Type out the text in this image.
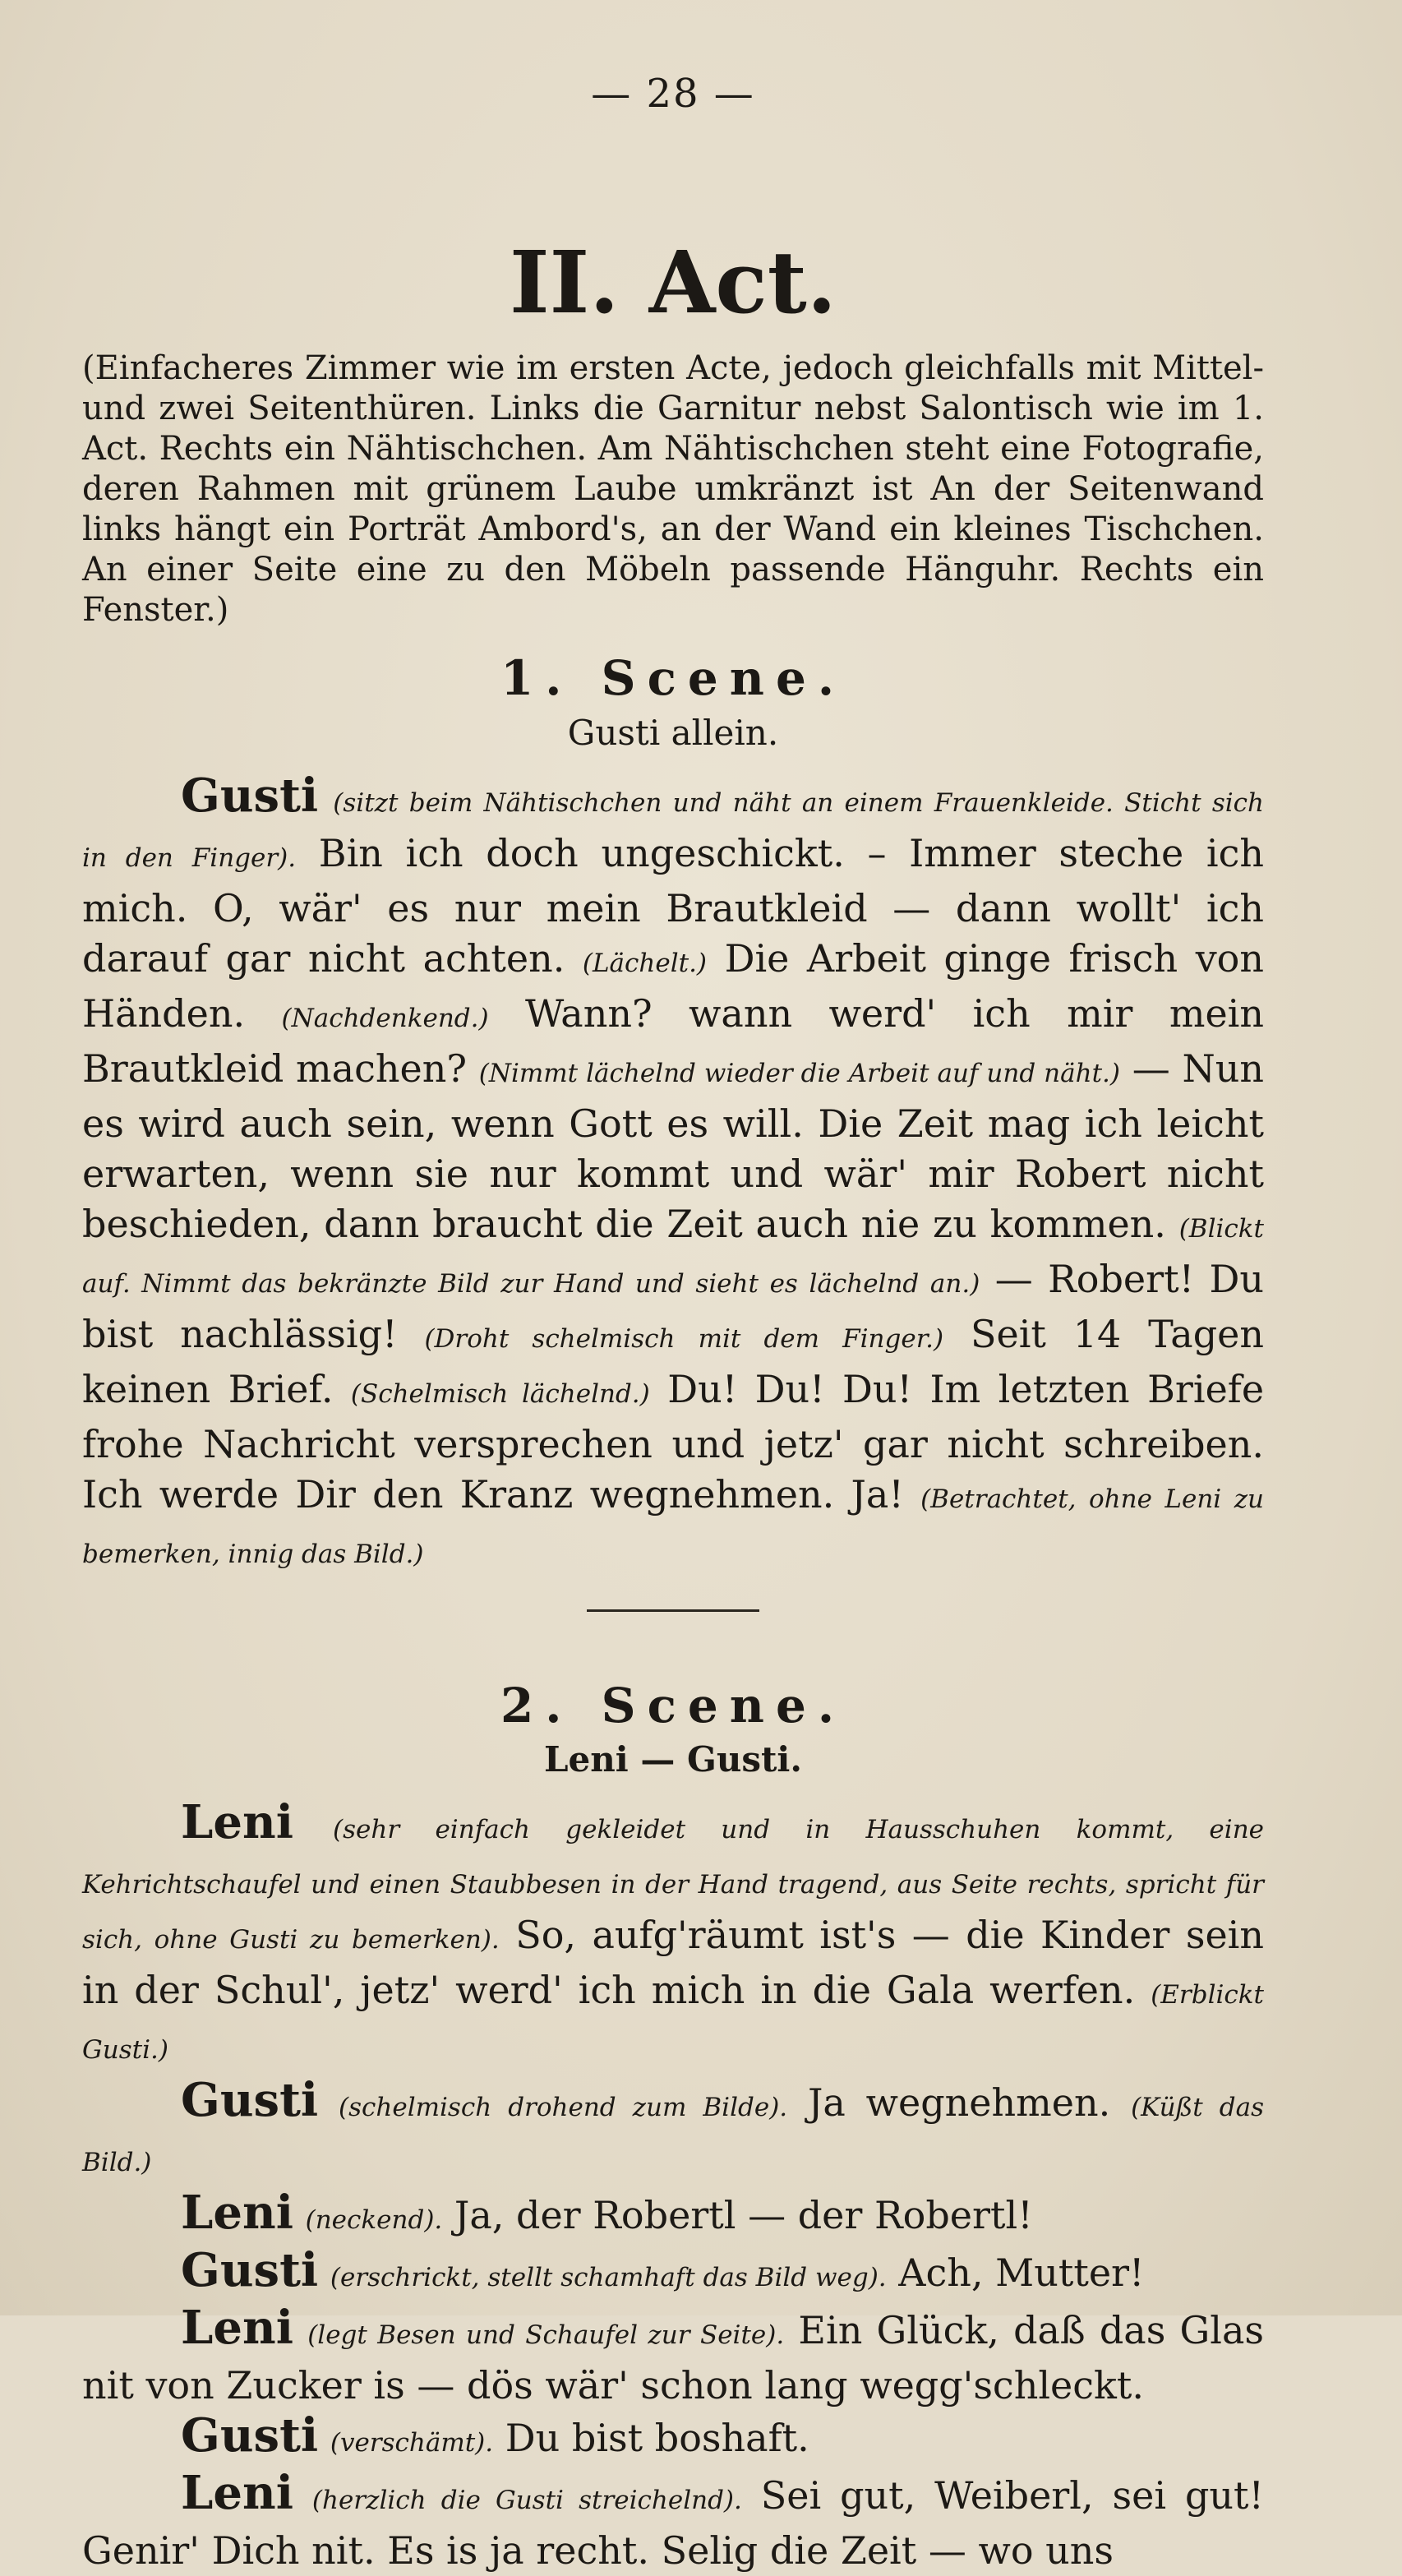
— 28 —
II. Act.

(Einfacheres Zimmer wie im ersten Acte, jedoch gleichfalls mit Mittel- und zwei Seitenthüren. Links die Garnitur nebst Salontisch wie im 1. Act. Rechts ein Nähtischchen. Am Nähtischchen steht eine Fotografie, deren Rahmen mit grünem Laube umkränzt ist An der Seitenwand links hängt ein Porträt Ambord's, an der Wand ein kleines Tischchen. An einer Seite eine zu den Möbeln passende Hänguhr. Rechts ein Fenster.)

1. Scene.
Gusti allein.

Gusti (sitzt beim Nähtischchen und näht an einem Frauenkleide. Sticht sich in den Finger). Bin ich doch ungeschickt. – Immer steche ich mich. O, wär' es nur mein Brautkleid — dann wollt' ich darauf gar nicht achten. (Lächelt.) Die Arbeit ginge frisch von Händen. (Nachdenkend.) Wann? wann werd' ich mir mein Brautkleid machen? (Nimmt lächelnd wieder die Arbeit auf und näht.) — Nun es wird auch sein, wenn Gott es will. Die Zeit mag ich leicht erwarten, wenn sie nur kommt und wär' mir Robert nicht beschieden, dann braucht die Zeit auch nie zu kommen. (Blickt auf. Nimmt das bekränzte Bild zur Hand und sieht es lächelnd an.) — Robert! Du bist nachlässig! (Droht schelmisch mit dem Finger.) Seit 14 Tagen keinen Brief. (Schelmisch lächelnd.) Du! Du! Du! Im letzten Briefe frohe Nachricht versprechen und jetz' gar nicht schreiben. Ich werde Dir den Kranz wegnehmen. Ja! (Betrachtet, ohne Leni zu bemerken, innig das Bild.)

2. Scene.
Leni — Gusti.

Leni (sehr einfach gekleidet und in Hausschuhen kommt, eine Kehrichtschaufel und einen Staubbesen in der Hand tragend, aus Seite rechts, spricht für sich, ohne Gusti zu bemerken). So, aufg'räumt ist's — die Kinder sein in der Schul', jetz' werd' ich mich in die Gala werfen. (Erblickt Gusti.)

Gusti (schelmisch drohend zum Bilde). Ja wegnehmen. (Küßt das Bild.)

Leni (neckend). Ja, der Robertl — der Robertl!

Gusti (erschrickt, stellt schamhaft das Bild weg). Ach, Mutter!

Leni (legt Besen und Schaufel zur Seite). Ein Glück, daß das Glas nit von Zucker is — dös wär' schon lang wegg'schleckt.

Gusti (verschämt). Du bist boshaft.

Leni (herzlich die Gusti streichelnd). Sei gut, Weiberl, sei gut! Genir' Dich nit. Es is ja recht. Selig die Zeit — wo uns
